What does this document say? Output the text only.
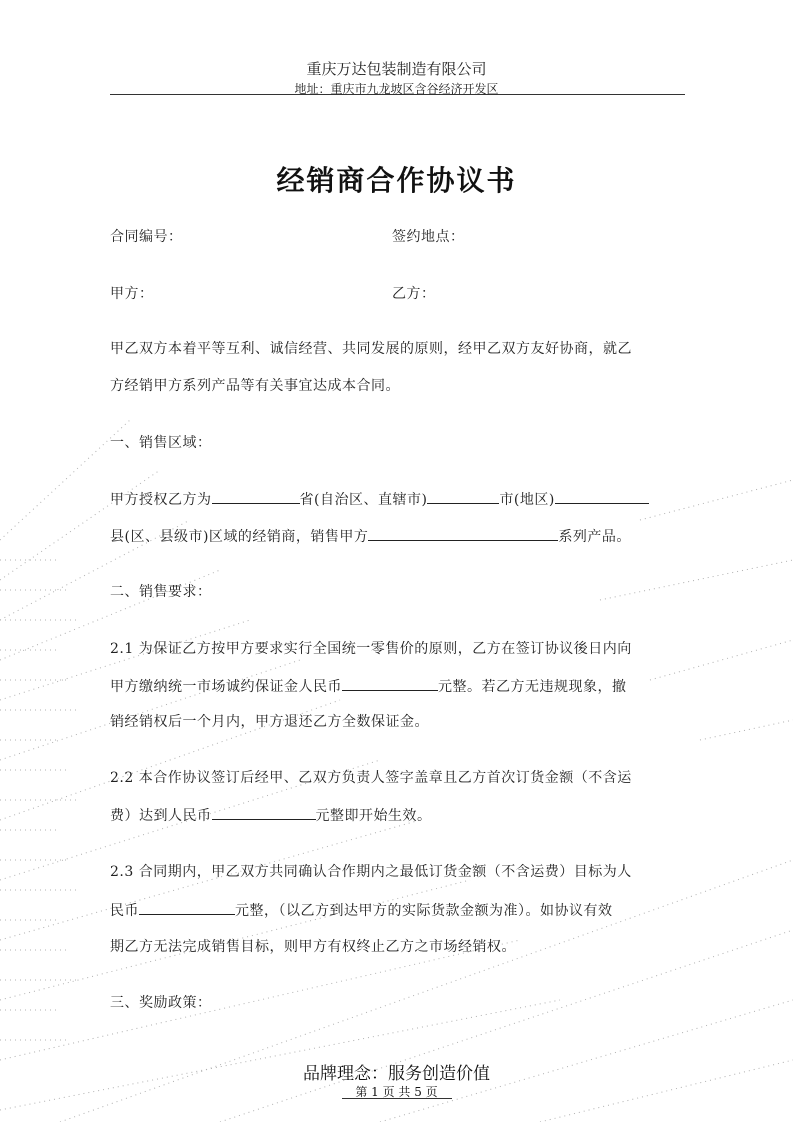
重庆万达包装制造有限公司
地址：重庆市九龙坡区含谷经济开发区
经销商合作协议书
合同编号：	签约地点：
甲方：	乙方：
甲乙双方本着平等互利、诚信经营、共同发展的原则，经甲乙双方友好协商，就乙
方经销甲方系列产品等有关事宜达成本合同。
一、销售区域：
甲方授权乙方为	省(自治区、直辖市)	市(地区)
县(区、县级市)区域的经销商，销售甲方	系列产品。
二、销售要求：
2.1 为保证乙方按甲方要求实行全国统一零售价的原则，乙方在签订协议後日内向
甲方缴纳统一市场诚约保证金人民币	元整。若乙方无违规现象，撤
销经销权后一个月内，甲方退还乙方全数保证金。
2.2 本合作协议签订后经甲、乙双方负责人签字盖章且乙方首次订货金额（不含运
费）达到人民币	元整即开始生效。
2.3 合同期内，甲乙双方共同确认合作期内之最低订货金额（不含运费）目标为人
民币	元整，（以乙方到达甲方的实际货款金额为准）。如协议有效
期乙方无法完成销售目标，则甲方有权终止乙方之市场经销权。
三、奖励政策：
品牌理念：服务创造价值
第 1 页 共 5 页
